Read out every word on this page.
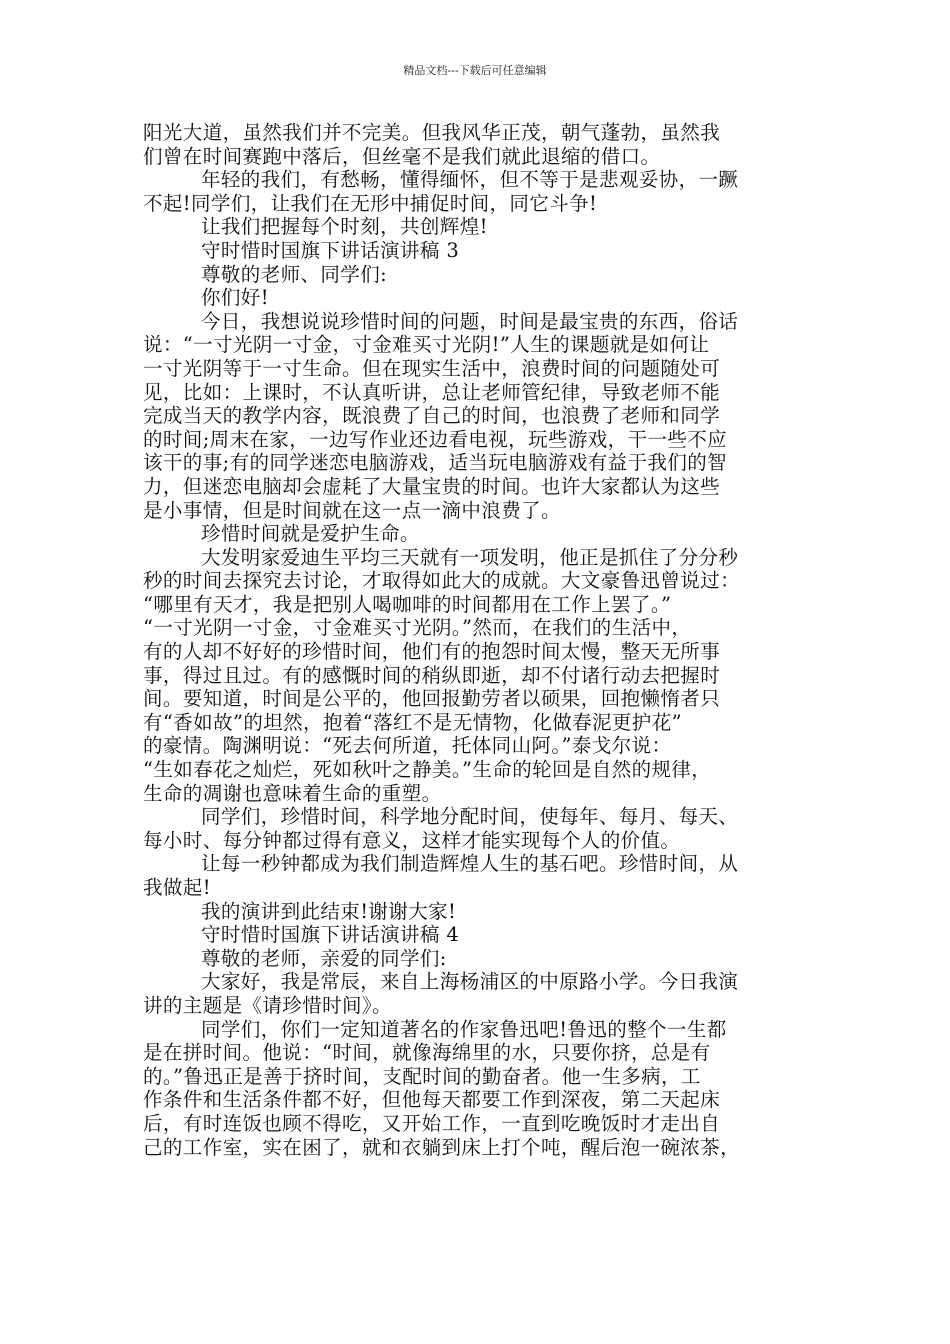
精品文档---下载后可任意编辑
阳光大道，虽然我们并不完美。但我风华正茂，朝气蓬勃，虽然我
们曾在时间赛跑中落后，但丝毫不是我们就此退缩的借口。
年轻的我们，有愁畅，懂得缅怀，但不等于是悲观妥协，一蹶
不起!同学们，让我们在无形中捕促时间，同它斗争!
让我们把握每个时刻，共创辉煌!
守时惜时国旗下讲话演讲稿 3
尊敬的老师、同学们:
你们好!
今日，我想说说珍惜时间的问题，时间是最宝贵的东西，俗话
说：“一寸光阴一寸金，寸金难买寸光阴!”人生的课题就是如何让
一寸光阴等于一寸生命。但在现实生活中，浪费时间的问题随处可
见，比如：上课时，不认真听讲，总让老师管纪律，导致老师不能
完成当天的教学内容，既浪费了自己的时间，也浪费了老师和同学
的时间;周末在家，一边写作业还边看电视，玩些游戏，干一些不应
该干的事;有的同学迷恋电脑游戏，适当玩电脑游戏有益于我们的智
力，但迷恋电脑却会虚耗了大量宝贵的时间。也许大家都认为这些
是小事情，但是时间就在这一点一滴中浪费了。
珍惜时间就是爱护生命。
大发明家爱迪生平均三天就有一项发明，他正是抓住了分分秒
秒的时间去探究去讨论，才取得如此大的成就。大文豪鲁迅曾说过：
“哪里有天才，我是把别人喝咖啡的时间都用在工作上罢了。”
“一寸光阴一寸金，寸金难买寸光阴。”然而，在我们的生活中，
有的人却不好好的珍惜时间，他们有的抱怨时间太慢，整天无所事
事，得过且过。有的感慨时间的稍纵即逝，却不付诸行动去把握时
间。要知道，时间是公平的，他回报勤劳者以硕果，回抱懒惰者只
有“香如故”的坦然，抱着“落红不是无情物，化做春泥更护花”
的豪情。陶渊明说：“死去何所道，托体同山阿。”泰戈尔说：
“生如春花之灿烂，死如秋叶之静美。”生命的轮回是自然的规律，
生命的凋谢也意味着生命的重塑。
同学们，珍惜时间，科学地分配时间，使每年、每月、每天、
每小时、每分钟都过得有意义，这样才能实现每个人的价值。
让每一秒钟都成为我们制造辉煌人生的基石吧。珍惜时间，从
我做起!
我的演讲到此结束!谢谢大家!
守时惜时国旗下讲话演讲稿 4
尊敬的老师，亲爱的同学们:
大家好，我是常辰，来自上海杨浦区的中原路小学。今日我演
讲的主题是《请珍惜时间》。
同学们，你们一定知道著名的作家鲁迅吧!鲁迅的整个一生都
是在拼时间。他说：“时间，就像海绵里的水，只要你挤，总是有
的。”鲁迅正是善于挤时间，支配时间的勤奋者。他一生多病，工
作条件和生活条件都不好，但他每天都要工作到深夜，第二天起床
后，有时连饭也顾不得吃，又开始工作，一直到吃晚饭时才走出自
己的工作室，实在困了，就和衣躺到床上打个吨，醒后泡一碗浓茶，
